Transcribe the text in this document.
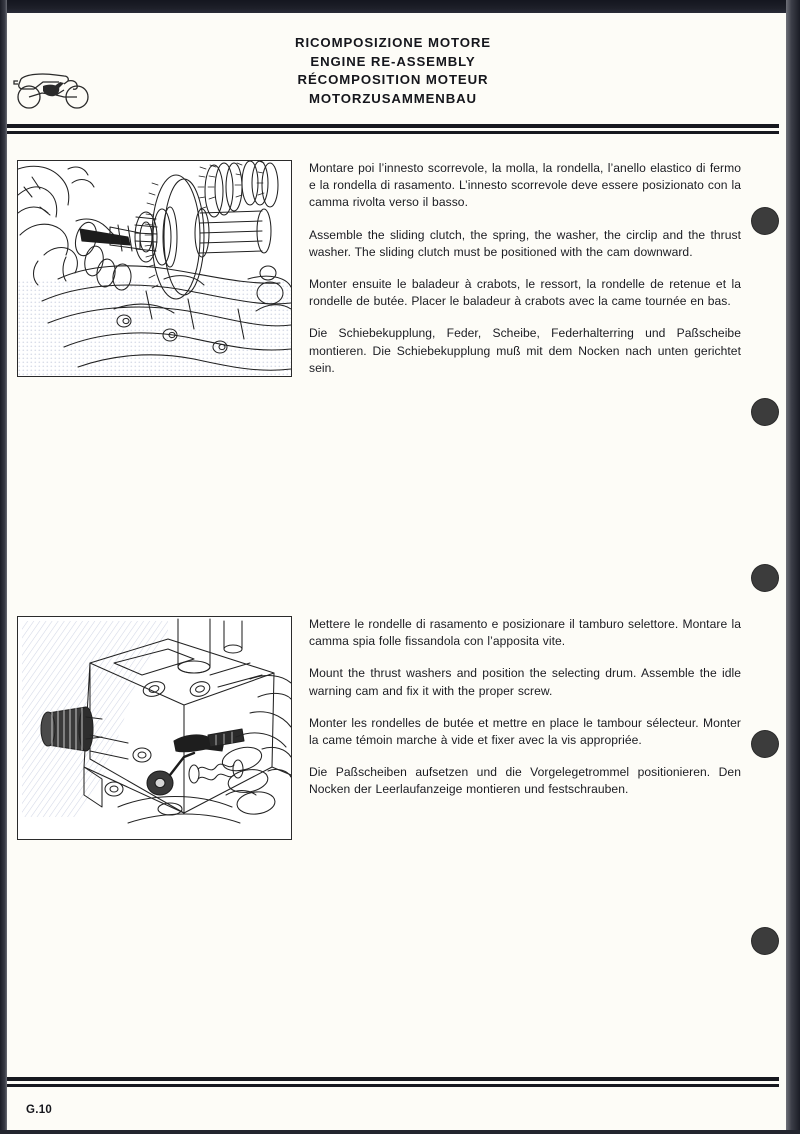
RICOMPOSIZIONE MOTORE
ENGINE RE-ASSEMBLY
RÉCOMPOSITION MOTEUR
MOTORZUSAMMENBAU

Montare poi l’innesto scorrevole, la molla, la rondella, l’anello elastico di fermo e la rondella di rasamento. L’innesto scorrevole deve essere posizionato con la camma rivolta verso il basso.

Assemble the sliding clutch, the spring, the washer, the circlip and the thrust washer. The sliding clutch must be positioned with the cam downward.

Monter ensuite le baladeur à crabots, le ressort, la rondelle de retenue et la rondelle de butée. Placer le baladeur à crabots avec la came tournée en bas.

Die Schiebekupplung, Feder, Scheibe, Federhalterring und Paßscheibe montieren. Die Schiebekupplung muß mit dem Nocken nach unten gerichtet sein.

Mettere le rondelle di rasamento e posizionare il tamburo selettore. Montare la camma spia folle fissandola con l’apposita vite.

Mount the thrust washers and position the selecting drum. Assemble the idle warning cam and fix it with the proper screw.

Monter les rondelles de butée et mettre en place le tambour sélecteur. Monter la came témoin marche à vide et fixer avec la vis appropriée.

Die Paßscheiben aufsetzen und die Vorgelegetrommel positionieren. Den Nocken der Leerlaufanzeige montieren und festschrauben.

G.10
